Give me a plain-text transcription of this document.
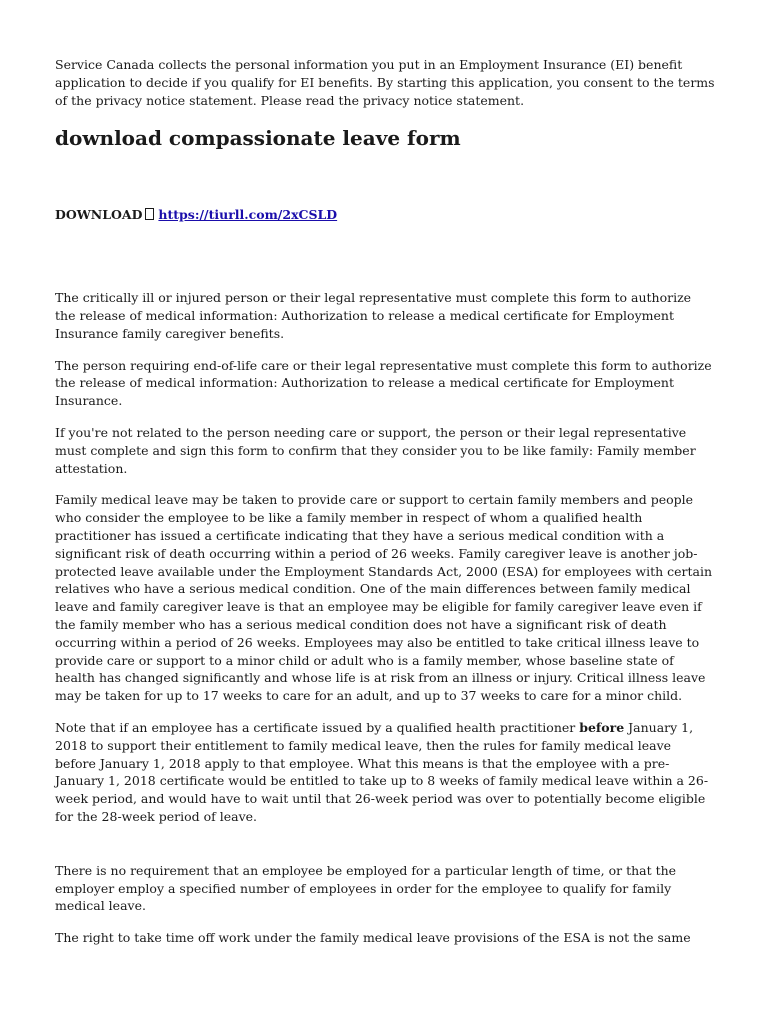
Service Canada collects the personal information you put in an Employment Insurance (EI) benefit application to decide if you qualify for EI benefits. By starting this application, you consent to the terms of the privacy notice statement. Please read the privacy notice statement.

download compassionate leave form
DOWNLOAD https://tiurll.com/2xCSLD

The critically ill or injured person or their legal representative must complete this form to authorize the release of medical information: Authorization to release a medical certificate for Employment Insurance family caregiver benefits.

The person requiring end-of-life care or their legal representative must complete this form to authorize the release of medical information: Authorization to release a medical certificate for Employment Insurance.

If you're not related to the person needing care or support, the person or their legal representative must complete and sign this form to confirm that they consider you to be like family: Family member attestation.

Family medical leave may be taken to provide care or support to certain family members and people who consider the employee to be like a family member in respect of whom a qualified health practitioner has issued a certificate indicating that they have a serious medical condition with a significant risk of death occurring within a period of 26 weeks. Family caregiver leave is another job-protected leave available under the Employment Standards Act, 2000 (ESA) for employees with certain relatives who have a serious medical condition. One of the main differences between family medical leave and family caregiver leave is that an employee may be eligible for family caregiver leave even if the family member who has a serious medical condition does not have a significant risk of death occurring within a period of 26 weeks. Employees may also be entitled to take critical illness leave to provide care or support to a minor child or adult who is a family member, whose baseline state of health has changed significantly and whose life is at risk from an illness or injury. Critical illness leave may be taken for up to 17 weeks to care for an adult, and up to 37 weeks to care for a minor child.

Note that if an employee has a certificate issued by a qualified health practitioner before January 1, 2018 to support their entitlement to family medical leave, then the rules for family medical leave before January 1, 2018 apply to that employee. What this means is that the employee with a pre-January 1, 2018 certificate would be entitled to take up to 8 weeks of family medical leave within a 26-week period, and would have to wait until that 26-week period was over to potentially become eligible for the 28-week period of leave.

There is no requirement that an employee be employed for a particular length of time, or that the employer employ a specified number of employees in order for the employee to qualify for family medical leave.

The right to take time off work under the family medical leave provisions of the ESA is not the same
